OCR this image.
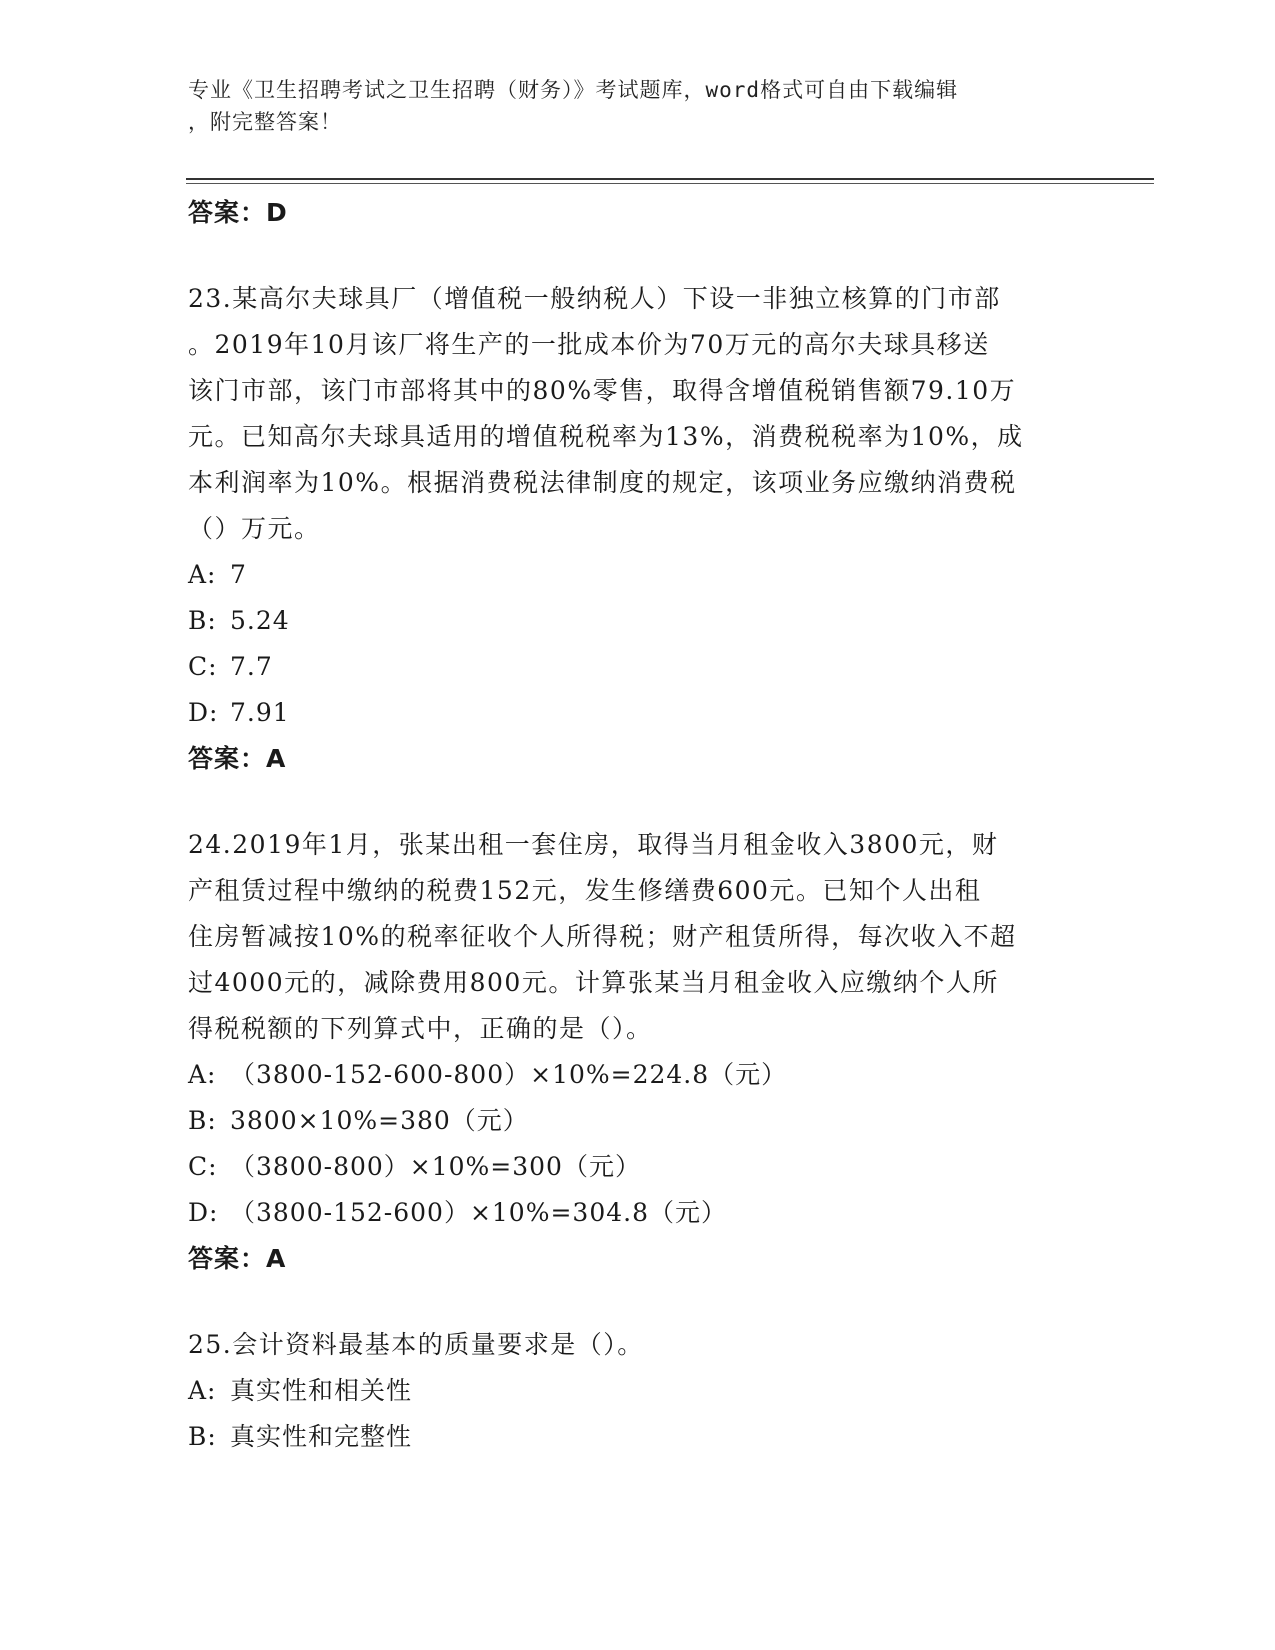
专业《卫生招聘考试之卫生招聘（财务）》考试题库，word格式可自由下载编辑
，附完整答案！
答案：D
23.某高尔夫球具厂（增值税一般纳税人）下设一非独立核算的门市部
。2019年10月该厂将生产的一批成本价为70万元的高尔夫球具移送
该门市部，该门市部将其中的80%零售，取得含增值税销售额79.10万
元。已知高尔夫球具适用的增值税税率为13%，消费税税率为10%，成
本利润率为10%。根据消费税法律制度的规定，该项业务应缴纳消费税
（）万元。
A: 7
B: 5.24
C: 7.7
D: 7.91
答案：A
24.2019年1月，张某出租一套住房，取得当月租金收入3800元，财
产租赁过程中缴纳的税费152元，发生修缮费600元。已知个人出租
住房暂减按10%的税率征收个人所得税；财产租赁所得，每次收入不超
过4000元的，减除费用800元。计算张某当月租金收入应缴纳个人所
得税税额的下列算式中，正确的是（）。
A: （3800-152-600-800）×10%=224.8（元）
B: 3800×10%=380（元）
C: （3800-800）×10%=300（元）
D: （3800-152-600）×10%=304.8（元）
答案：A
25.会计资料最基本的质量要求是（）。
A: 真实性和相关性
B: 真实性和完整性
